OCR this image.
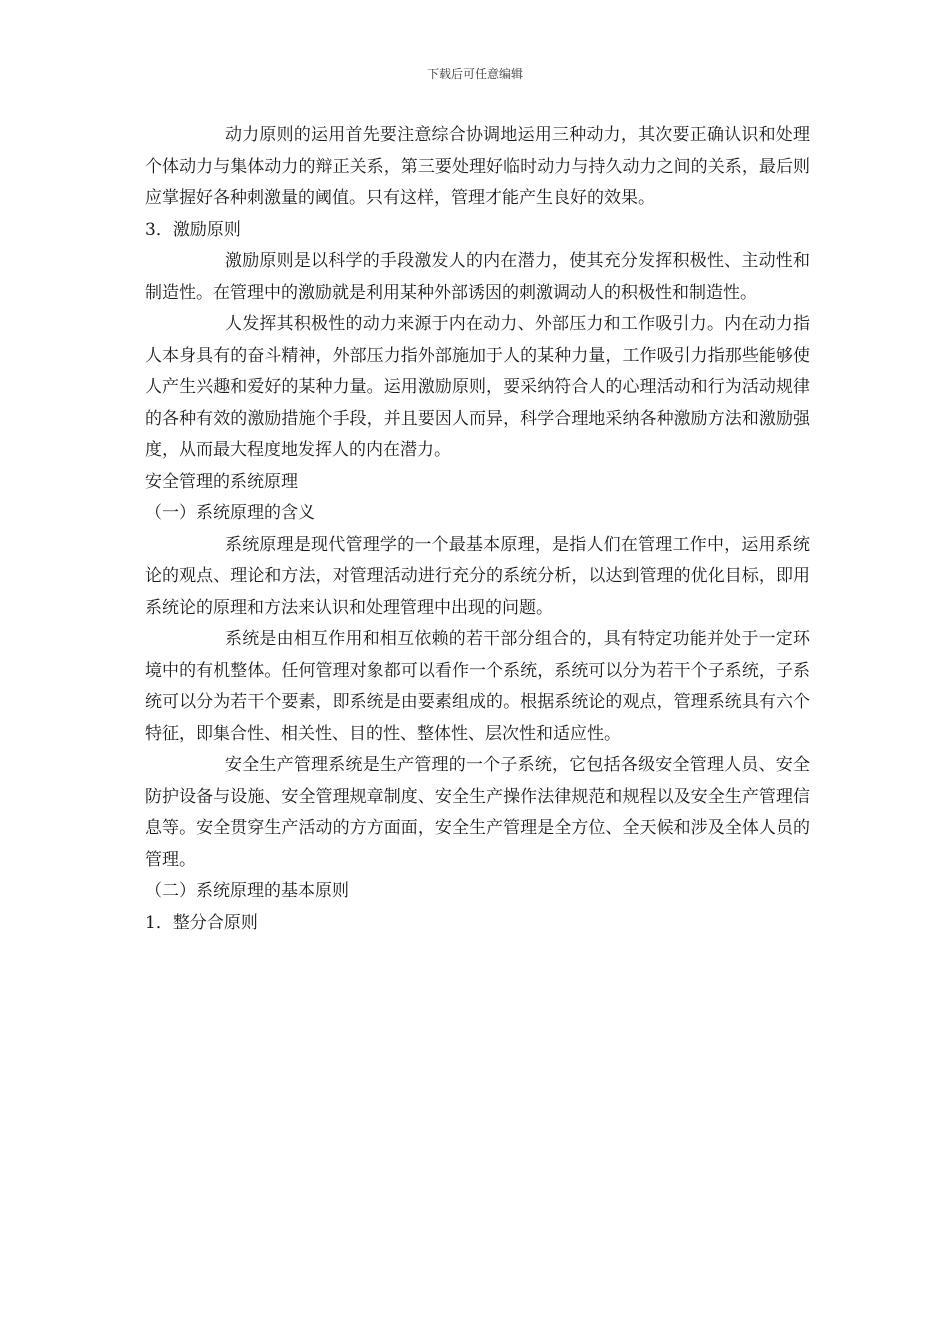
下载后可任意编辑

动力原则的运用首先要注意综合协调地运用三种动力，其次要正确认识和处理个体动力与集体动力的辩正关系，第三要处理好临时动力与持久动力之间的关系，最后则应掌握好各种刺激量的阈值。只有这样，管理才能产生良好的效果。

3．激励原则

激励原则是以科学的手段激发人的内在潜力，使其充分发挥积极性、主动性和制造性。在管理中的激励就是利用某种外部诱因的刺激调动人的积极性和制造性。

人发挥其积极性的动力来源于内在动力、外部压力和工作吸引力。内在动力指人本身具有的奋斗精神，外部压力指外部施加于人的某种力量，工作吸引力指那些能够使人产生兴趣和爱好的某种力量。运用激励原则，要采纳符合人的心理活动和行为活动规律的各种有效的激励措施个手段，并且要因人而异，科学合理地采纳各种激励方法和激励强度，从而最大程度地发挥人的内在潜力。

安全管理的系统原理

（一）系统原理的含义

系统原理是现代管理学的一个最基本原理，是指人们在管理工作中，运用系统论的观点、理论和方法，对管理活动进行充分的系统分析，以达到管理的优化目标，即用系统论的原理和方法来认识和处理管理中出现的问题。

系统是由相互作用和相互依赖的若干部分组合的，具有特定功能并处于一定环境中的有机整体。任何管理对象都可以看作一个系统，系统可以分为若干个子系统，子系统可以分为若干个要素，即系统是由要素组成的。根据系统论的观点，管理系统具有六个特征，即集合性、相关性、目的性、整体性、层次性和适应性。

安全生产管理系统是生产管理的一个子系统，它包括各级安全管理人员、安全防护设备与设施、安全管理规章制度、安全生产操作法律规范和规程以及安全生产管理信息等。安全贯穿生产活动的方方面面，安全生产管理是全方位、全天候和涉及全体人员的管理。

（二）系统原理的基本原则

1．整分合原则
